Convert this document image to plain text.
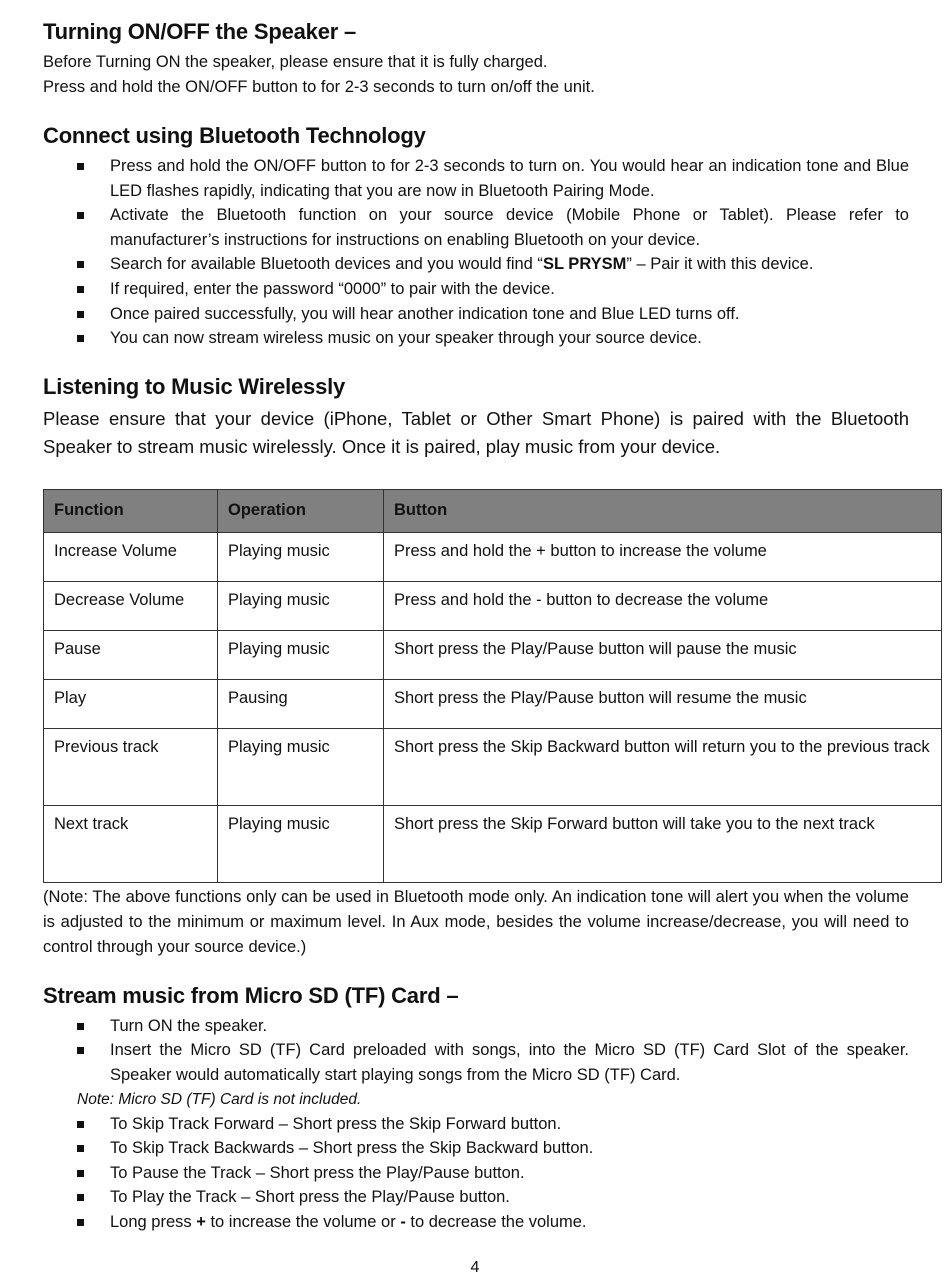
Turning ON/OFF the Speaker –

Before Turning ON the speaker, please ensure that it is fully charged.

Press and hold the ON/OFF button to for 2-3 seconds to turn on/off the unit.

Connect using Bluetooth Technology
Press and hold the ON/OFF button to for 2-3 seconds to turn on. You would hear an indication tone and Blue LED flashes rapidly, indicating that you are now in Bluetooth Pairing Mode.
Activate the Bluetooth function on your source device (Mobile Phone or Tablet). Please refer to manufacturer’s instructions for instructions on enabling Bluetooth on your device.
Search for available Bluetooth devices and you would find “SL PRYSM” – Pair it with this device.
If required, enter the password “0000” to pair with the device.
Once paired successfully, you will hear another indication tone and Blue LED turns off.
You can now stream wireless music on your speaker through your source device.
Listening to Music Wirelessly

Please ensure that your device (iPhone, Tablet or Other Smart Phone) is paired with the Bluetooth Speaker to stream music wirelessly. Once it is paired, play music from your device.

Function	Operation	Button
Increase Volume	Playing music	Press and hold the + button to increase the volume
Decrease Volume	Playing music	Press and hold the - button to decrease the volume
Pause	Playing music	Short press the Play/Pause button will pause the music
Play	Pausing	Short press the Play/Pause button will resume the music
Previous track	Playing music	Short press the Skip Backward button will return you to the previous track
Next track	Playing music	Short press the Skip Forward button will take you to the next track

(Note: The above functions only can be used in Bluetooth mode only. An indication tone will alert you when the volume is adjusted to the minimum or maximum level. In Aux mode, besides the volume increase/decrease, you will need to control through your source device.)

Stream music from Micro SD (TF) Card –
Turn ON the speaker.
Insert the Micro SD (TF) Card preloaded with songs, into the Micro SD (TF) Card Slot of the speaker. Speaker would automatically start playing songs from the Micro SD (TF) Card.
Note: Micro SD (TF) Card is not included.
To Skip Track Forward – Short press the Skip Forward button.
To Skip Track Backwards – Short press the Skip Backward button.
To Pause the Track – Short press the Play/Pause button.
To Play the Track – Short press the Play/Pause button.
Long press + to increase the volume or - to decrease the volume.
4
